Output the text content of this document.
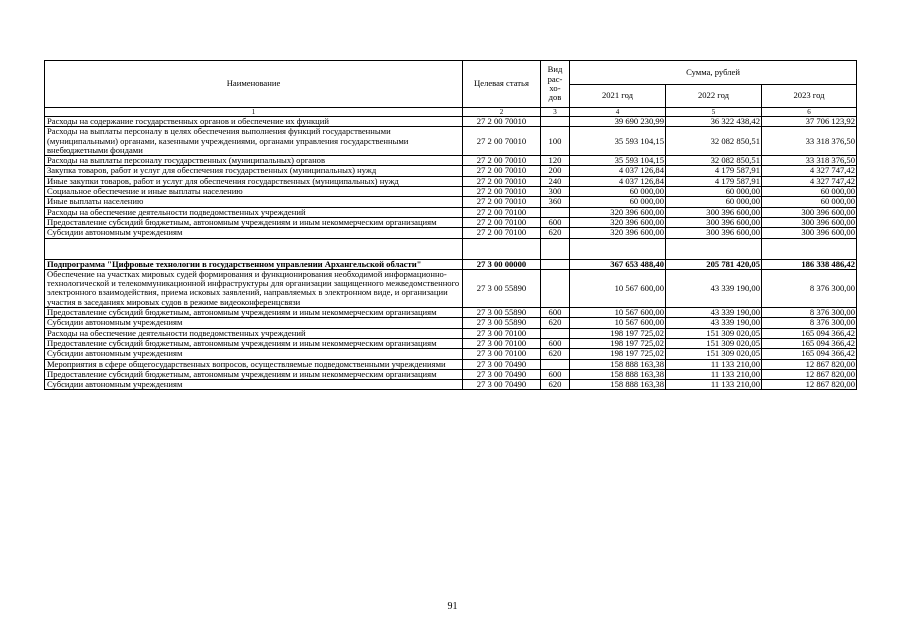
Наименование	Целевая статья	Вид рас- хо- дов	Сумма, рублей		
			2021 год	2022 год	2023 год
1	2	3	4	5	6
Расходы на содержание государственных органов и обеспечение их функций	27 2 00 70010		39 690 230,99	36 322 438,42	37 706 123,92
Расходы на выплаты персоналу в целях обеспечения выполнения функций государственными (муниципальными) органами, казенными учреждениями, органами управления государственными внебюджетными фондами	27 2 00 70010	100	35 593 104,15	32 082 850,51	33 318 376,50
Расходы на выплаты персоналу государственных (муниципальных) органов	27 2 00 70010	120	35 593 104,15	32 082 850,51	33 318 376,50
Закупка товаров, работ и услуг для обеспечения государственных (муниципальных) нужд	27 2 00 70010	200	4 037 126,84	4 179 587,91	4 327 747,42
Иные закупки товаров, работ и услуг для обеспечения государственных (муниципальных) нужд	27 2 00 70010	240	4 037 126,84	4 179 587,91	4 327 747,42
Социальное обеспечение и иные выплаты населению	27 2 00 70010	300	60 000,00	60 000,00	60 000,00
Иные выплаты населению	27 2 00 70010	360	60 000,00	60 000,00	60 000,00
Расходы на обеспечение деятельности подведомственных учреждений	27 2 00 70100		320 396 600,00	300 396 600,00	300 396 600,00
Предоставление субсидий бюджетным, автономным учреждениям и иным некоммерческим организациям	27 2 00 70100	600	320 396 600,00	300 396 600,00	300 396 600,00
Субсидии автономным учреждениям	27 2 00 70100	620	320 396 600,00	300 396 600,00	300 396 600,00

Подпрограмма "Цифровые технологии в государственном управлении Архангельской области"	27 3 00 00000		367 653 488,40	205 781 420,05	186 338 486,42
Обеспечение на участках мировых судей формирования и функционирования необходимой информационно-технологической и телекоммуникационной инфраструктуры для организации защищенного межведомственного электронного взаимодействия, приема исковых заявлений, направляемых в электронном виде, и организации участия в заседаниях мировых судов в режиме видеоконференцсвязи	27 3 00 55890		10 567 600,00	43 339 190,00	8 376 300,00
Предоставление субсидий бюджетным, автономным учреждениям и иным некоммерческим организациям	27 3 00 55890	600	10 567 600,00	43 339 190,00	8 376 300,00
Субсидии автономным учреждениям	27 3 00 55890	620	10 567 600,00	43 339 190,00	8 376 300,00
Расходы на обеспечение деятельности подведомственных учреждений	27 3 00 70100		198 197 725,02	151 309 020,05	165 094 366,42
Предоставление субсидий бюджетным, автономным учреждениям и иным некоммерческим организациям	27 3 00 70100	600	198 197 725,02	151 309 020,05	165 094 366,42
Субсидии автономным учреждениям	27 3 00 70100	620	198 197 725,02	151 309 020,05	165 094 366,42
Мероприятия в сфере общегосударственных вопросов, осуществляемые подведомственными учреждениями	27 3 00 70490		158 888 163,38	11 133 210,00	12 867 820,00
Предоставление субсидий бюджетным, автономным учреждениям и иным некоммерческим организациям	27 3 00 70490	600	158 888 163,38	11 133 210,00	12 867 820,00
Субсидии автономным учреждениям	27 3 00 70490	620	158 888 163,38	11 133 210,00	12 867 820,00
91
